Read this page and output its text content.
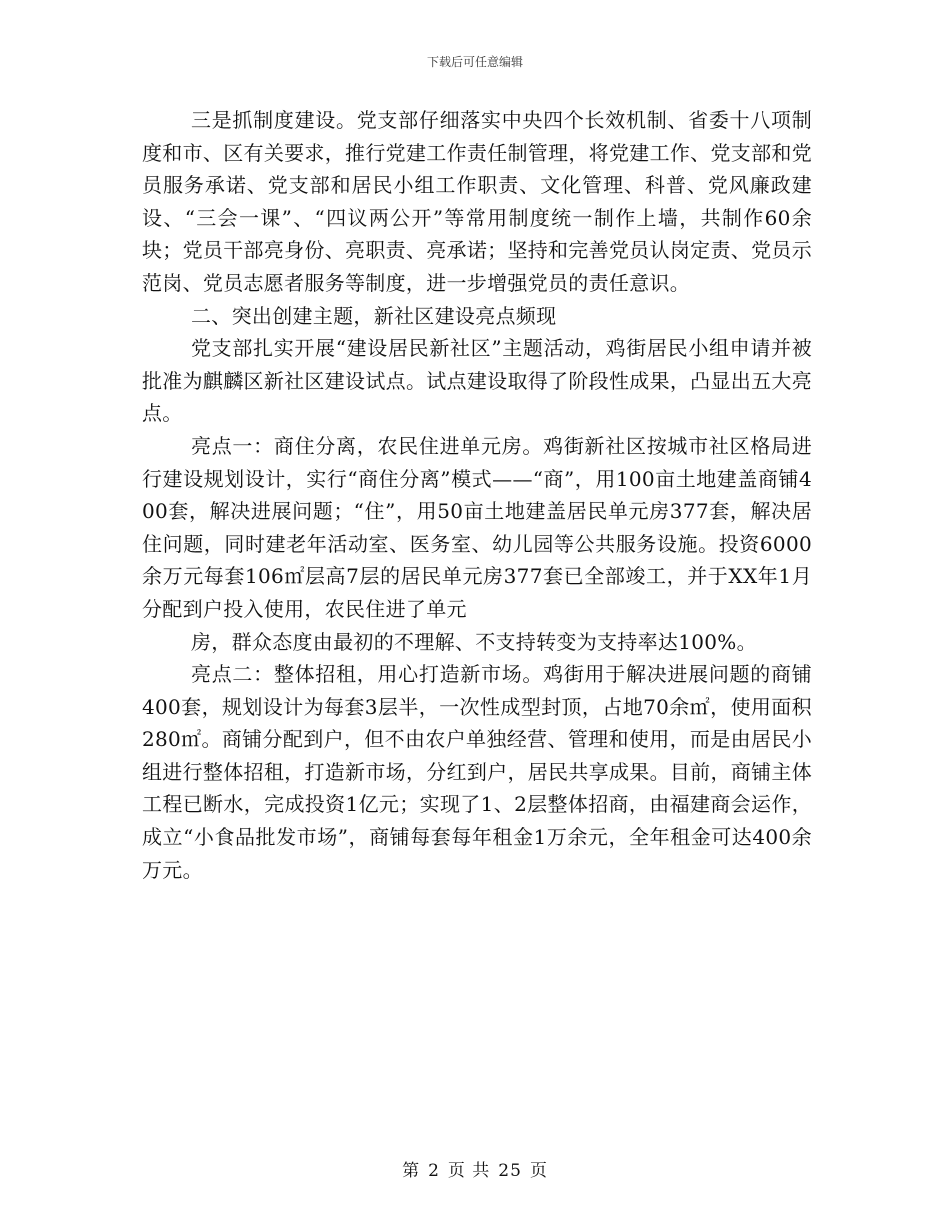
下载后可任意编辑

三是抓制度建设。党支部仔细落实中央四个长效机制、省委十八项制度和市、区有关要求，推行党建工作责任制管理，将党建工作、党支部和党员服务承诺、党支部和居民小组工作职责、文化管理、科普、党风廉政建设、“三会一课”、“四议两公开”等常用制度统一制作上墙，共制作60余块；党员干部亮身份、亮职责、亮承诺；坚持和完善党员认岗定责、党员示范岗、党员志愿者服务等制度，进一步增强党员的责任意识。

二、突出创建主题，新社区建设亮点频现

党支部扎实开展“建设居民新社区”主题活动，鸡街居民小组申请并被批准为麒麟区新社区建设试点。试点建设取得了阶段性成果，凸显出五大亮点。

亮点一：商住分离，农民住进单元房。鸡街新社区按城市社区格局进行建设规划设计，实行“商住分离”模式——“商”，用100亩土地建盖商铺400套，解决进展问题；“住”，用50亩土地建盖居民单元房377套，解决居住问题，同时建老年活动室、医务室、幼儿园等公共服务设施。投资6000余万元每套106㎡层高7层的居民单元房377套已全部竣工，并于XX年1月分配到户投入使用，农民住进了单元

房，群众态度由最初的不理解、不支持转变为支持率达100%。

亮点二：整体招租，用心打造新市场。鸡街用于解决进展问题的商铺400套，规划设计为每套3层半，一次性成型封顶，占地70余㎡，使用面积280㎡。商铺分配到户，但不由农户单独经营、管理和使用，而是由居民小组进行整体招租，打造新市场，分红到户，居民共享成果。目前，商铺主体工程已断水，完成投资1亿元；实现了1、2层整体招商，由福建商会运作，成立“小食品批发市场”，商铺每套每年租金1万余元，全年租金可达400余万元。

第 2 页 共 25 页
